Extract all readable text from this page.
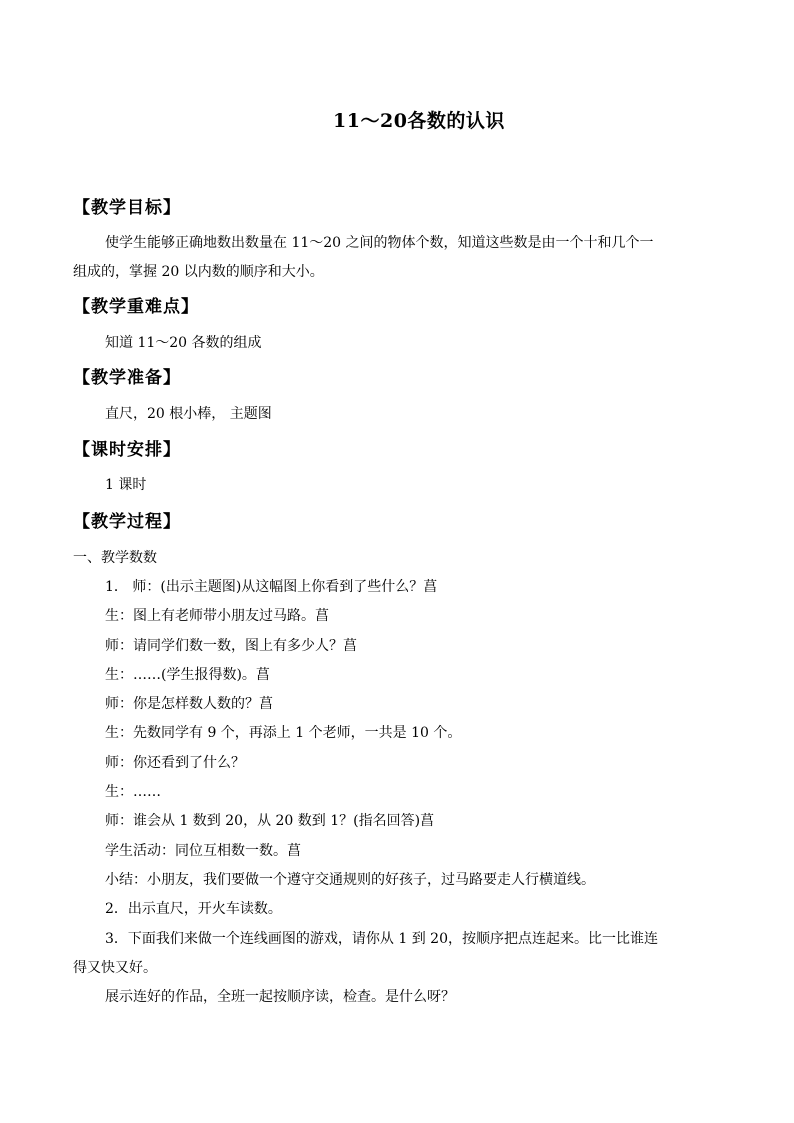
11～20各数的认识
【教学目标】
使学生能够正确地数出数量在 11～20 之间的物体个数，知道这些数是由一个十和几个一
组成的，掌握 20 以内数的顺序和大小。
【教学重难点】
知道 11～20 各数的组成
【教学准备】
直尺，20 根小棒， 主题图
【课时安排】
1 课时
【教学过程】
一、教学数数
1． 师：(出示主题图)从这幅图上你看到了些什么？菖
生：图上有老师带小朋友过马路。菖
师：请同学们数一数，图上有多少人？菖
生：……(学生报得数)。菖
师：你是怎样数人数的？菖
生：先数同学有 9 个，再添上 1 个老师，一共是 10 个。
师：你还看到了什么？
生：……
师：谁会从 1 数到 20，从 20 数到 1？(指名回答)菖
学生活动：同位互相数一数。菖
小结：小朋友，我们要做一个遵守交通规则的好孩子，过马路要走人行横道线。
2．出示直尺，开火车读数。
3．下面我们来做一个连线画图的游戏，请你从 1 到 20，按顺序把点连起来。比一比谁连
得又快又好。
展示连好的作品，全班一起按顺序读，检查。是什么呀？
